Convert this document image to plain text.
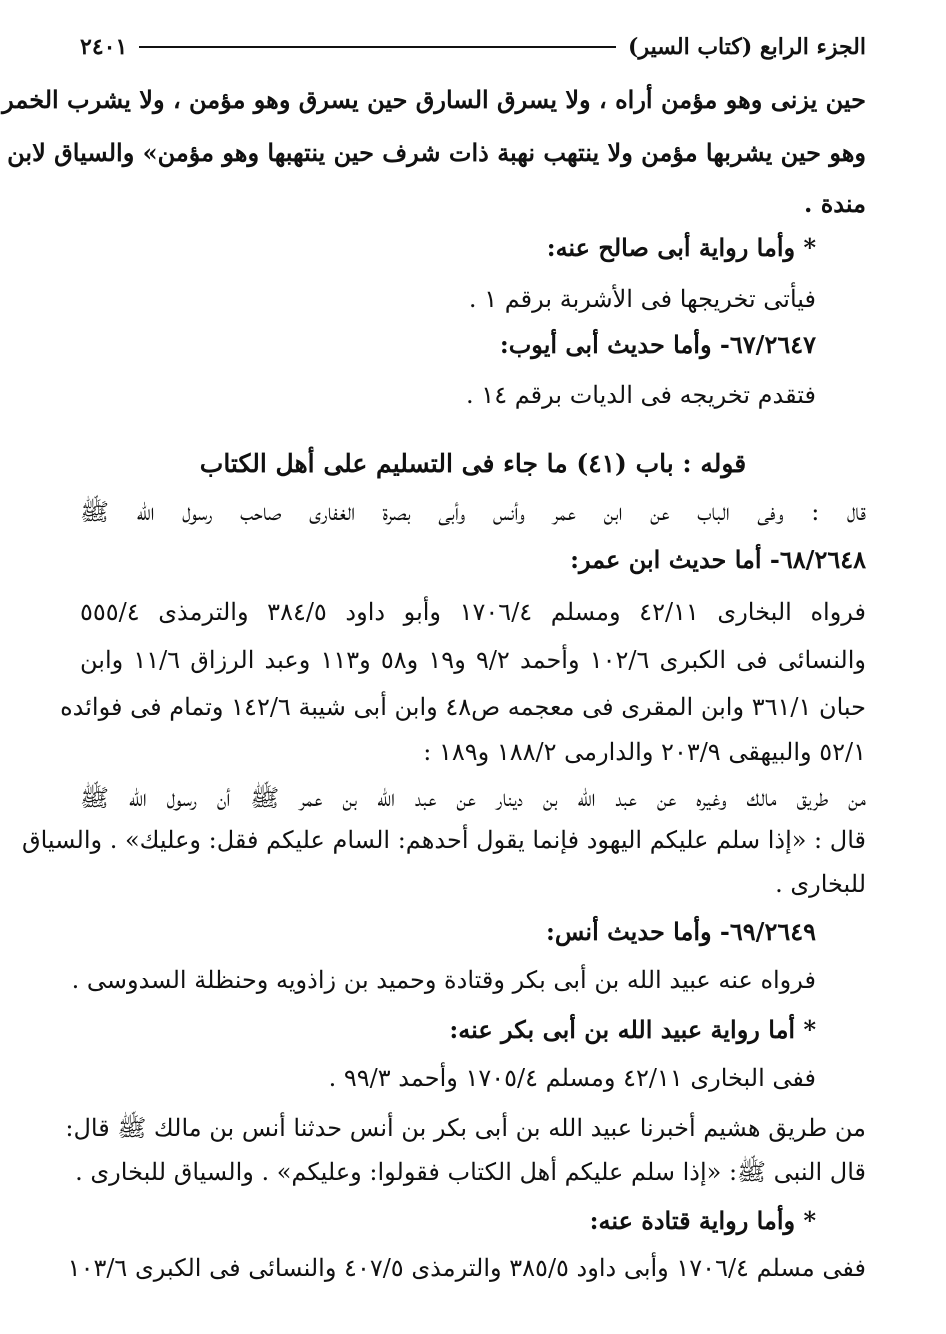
الجزء الرابع (كتاب السير)
٢٤٠١
حين يزنى وهو مؤمن أراه ، ولا يسرق السارق حين يسرق وهو مؤمن ، ولا يشرب الخمر
وهو حين يشربها مؤمن ولا ينتهب نهبة ذات شرف حين ينتهبها وهو مؤمن» والسياق لابن
مندة .
* وأما رواية أبى صالح عنه:
فيأتى تخريجها فى الأشربة برقم ١ .
٦٧/٢٦٤٧- وأما حديث أبى أيوب:
فتقدم تخريجه فى الديات برقم ١٤ .
قوله : باب (٤١) ما جاء فى التسليم على أهل الكتاب
قال : وفى الباب عن ابن عمر وأنس وأبى بصرة الغفارى صاحب رسول الله ﷺ
٦٨/٢٦٤٨- أما حديث ابن عمر:
فرواه البخارى ٤٢/١١ ومسلم ١٧٠٦/٤ وأبو داود ٣٨٤/٥ والترمذى ٥٥٥/٤
والنسائى فى الكبرى ١٠٢/٦ وأحمد ٩/٢ و١٩ و٥٨ و١١٣ وعبد الرزاق ١١/٦ وابن
حبان ٣٦١/١ وابن المقرى فى معجمه ص٤٨ وابن أبى شيبة ١٤٢/٦ وتمام فى فوائده
٥٢/١ والبيهقى ٢٠٣/٩ والدارمى ١٨٨/٢ و١٨٩ :
من طريق مالك وغيره عن عبد الله بن دينار عن عبد الله بن عمر ﷺ أن رسول الله ﷺ
قال : «إذا سلم عليكم اليهود فإنما يقول أحدهم: السام عليكم فقل: وعليك» . والسياق
للبخارى .
٦٩/٢٦٤٩- وأما حديث أنس:
فرواه عنه عبيد الله بن أبى بكر وقتادة وحميد بن زاذويه وحنظلة السدوسى .
* أما رواية عبيد الله بن أبى بكر عنه:
ففى البخارى ٤٢/١١ ومسلم ١٧٠٥/٤ وأحمد ٩٩/٣ .
من طريق هشيم أخبرنا عبيد الله بن أبى بكر بن أنس حدثنا أنس بن مالك ﷺ قال:
قال النبى ﷺ: «إذا سلم عليكم أهل الكتاب فقولوا: وعليكم» . والسياق للبخارى .
* وأما رواية قتادة عنه:
ففى مسلم ١٧٠٦/٤ وأبى داود ٣٨٥/٥ والترمذى ٤٠٧/٥ والنسائى فى الكبرى ١٠٣/٦
